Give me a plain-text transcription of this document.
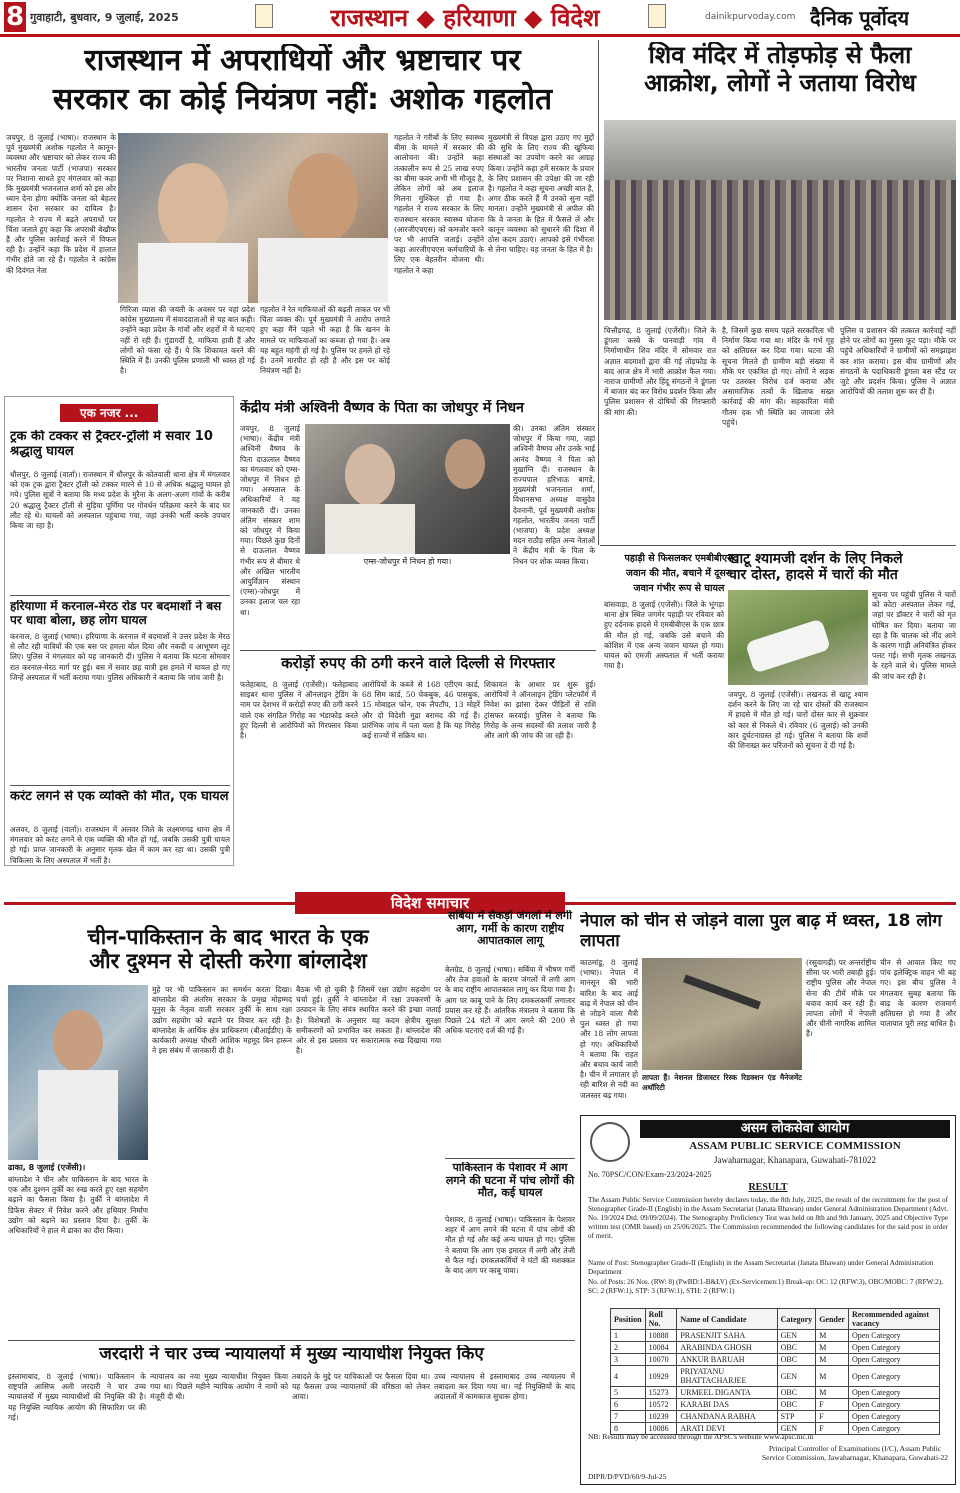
8 गुवाहाटी, बुधवार, 9 जुलाई, 2025	राजस्थान ◆ हरियाणा ◆ विदेश	dainikpurvoday.com दैनिक पूर्वोदय
राजस्थान में अपराधियों और भ्रष्टाचार पर
सरकार का कोई नियंत्रण नहीं: अशोक गहलोत
जयपुर, 8 जुलाई (भाषा)। राजस्थान के पूर्व मुख्यमंत्री अशोक गहलोत ने कानून-व्यवस्था और भ्रष्टाचार को लेकर राज्य की भारतीय जनता पार्टी (भाजपा) सरकार पर निशाना साधते हुए मंगलवार को कहा कि मुख्यमंत्री भजनलाल शर्मा को इस ओर ध्यान देना होगा क्योंकि जनता को बेहतर शासन देना सरकार का दायित्व है। गहलोत ने राज्य में बढ़ते अपराधों पर चिंता जताते हुए कहा कि अपराधी बेखौफ हैं और पुलिस कार्रवाई करने में विफल रही है। उन्होंने कहा कि प्रदेश में हालात गंभीर होते जा रहे हैं। गहलोत ने कांग्रेस की दिवंगत नेता
गिरिजा व्यास की जयंती के अवसर पर यहां प्रदेश कांग्रेस मुख्यालय में संवाददाताओं से यह बात कही। उन्होंने कहा प्रदेश के गांवों और शहरों में ये घटनाएं नहीं रो रही हैं। गुंडागर्दी है, माफिया हावी हैं और लोगों को फंसा रहे हैं। ये कि शिकायत करने की स्थिति में हैं। उनकी पुलिस प्रणाली भी ध्वस्त हो गई है।
गहलोत ने रेत माफियाओं की बढ़ती ताकत पर भी चिंता व्यक्त की। पूर्व मुख्यमंत्री ने आरोप लगाते हुए कहा मैंने पहले भी कहा है कि खनन के मामले पर माफियाओं का कब्जा हो गया है। अब यह बहुत महंगी हो गई है। पुलिस पर हमले हो रहे हैं। उनमें मारपीट हो रही है और इस पर कोई नियंत्रण नहीं है।
गहलोत ने गरीबों के लिए स्वास्थ्य बीमा के मामले में सरकार की आलोचना की। उन्होंने कहा तत्कालीन रूप से 25 लाख रुपए का बीमा कवर अभी भी मौजूद है, लेकिन लोगों को अब इलाज मिलना मुश्किल हो गया है। गहलोत ने राज्य सरकार के लिए राजस्थान सरकार स्वास्थ्य योजना (आरजीएचएस) को कमजोर करने पर भी आपत्ति जताई। उन्होंने कहा आरजीएचएस कर्मचारियों के लिए एक बेहतरीन योजना थी। गहलोत ने कहा
मुख्यमंत्री से विपक्ष द्वारा उठाए गए मुद्दों की सुधि के लिए राज्य की खुफिया संस्थाओं का उपयोग करने का आग्रह किया। उन्होंने कहा हमें सरकार के प्रचार के लिए प्रशासन की उपेक्षा की जा रही है। गहलोत ने कहा सूचना अच्छी बात है, अगर ठीक करते हैं मैं उनको सुना नहीं मानता। उन्होंने मुख्यमंत्री से अपील की कि वे जनता के हित में फैसले लें और कानून व्यवस्था को सुधारने की दिशा में ठोस कदम उठाएं। आपको इसे गंभीरता से लेना चाहिए। यह जनता के हित में है।
शिव मंदिर में तोड़फोड़ से फैला
आक्रोश, लोगों ने जताया विरोध
चित्तौड़गढ़, 8 जुलाई (एजेंसी)। जिले के डूंगला कस्बे के पानवाड़ी गांव में निर्माणाधीन शिव मंदिर में सोमवार रात अज्ञात बदमाशों द्वारा की गई तोड़फोड़ के बाद आज क्षेत्र में भारी आक्रोश फैल गया। नाराज ग्रामीणों और हिंदू संगठनों ने डूंगला में बाजार बंद कर विरोध प्रदर्शन किया और पुलिस प्रशासन से दोषियों की गिरफ्तारी की मांग की।
है, जिसमें कुछ समय पहले सरकारिता भी निर्माण किया गया था। मंदिर के गर्भ गृह को क्षतिग्रस्त कर दिया गया। घटना की सूचना मिलते ही ग्रामीण बड़ी संख्या में मौके पर एकत्रित हो गए। लोगों ने सड़क पर उतरकर विरोध दर्ज कराया और असामाजिक तत्वों के खिलाफ सख्त कार्रवाई की मांग की। सहकारिता मंत्री गौतम दक भी स्थिति का जायजा लेने पहुंचे।
पुलिस व प्रशासन की तत्काल कार्रवाई नहीं होने पर लोगों का गुस्सा फूट पड़ा। मौके पर पहुंचे अधिकारियों ने ग्रामीणों को समझाइश कर शांत कराया। इस बीच ग्रामीणों और संगठनों के पदाधिकारी डूंगला बस स्टैंड पर जुटे और प्रदर्शन किया। पुलिस ने अज्ञात आरोपियों की तलाश शुरू कर दी है।
एक नजर ...
ट्रक की टक्कर से ट्रैक्टर-ट्रॉली में सवार 10 श्रद्धालु घायल
धौलपुर, 8 जुलाई (वार्ता)। राजस्थान में धौलपुर के कोतवाली थाना क्षेत्र में मंगलवार को एक ट्रक द्वारा ट्रैक्टर ट्रॉली को टक्कर मारने से 10 से अधिक श्रद्धालु घायल हो गये। पुलिस सूत्रों ने बताया कि मध्य प्रदेश के मुरैना के अलग-अलग गांवों के करीब 20 श्रद्धालु ट्रैक्टर ट्रॉली से मुड़िया पूर्णिमा पर गोवर्धन परिक्रमा करने के बाद घर लौट रहे थे। घायलों को अस्पताल पहुंचाया गया, जहां उनकी भर्ती करके उपचार किया जा रहा है।
हरियाणा में करनाल-मेरठ रोड पर बदमाशों ने बस पर धावा बोला, छह लोग घायल
करनाल, 8 जुलाई (भाषा)। हरियाणा के करनाल में बदमाशों ने उत्तर प्रदेश के मेरठ से लौट रही यात्रियों की एक बस पर हमला बोल दिया और नकदी व आभूषण लूट लिए। पुलिस ने मंगलवार को यह जानकारी दी। पुलिस ने बताया कि घटना सोमवार रात करनाल-मेरठ मार्ग पर हुई। बस में सवार छह यात्री इस हमले में घायल हो गए जिन्हें अस्पताल में भर्ती कराया गया। पुलिस अधिकारी ने बताया कि जांच जारी है।
करंट लगने से एक व्यक्ति की मौत, एक घायल
अलवर, 8 जुलाई (वार्ता)। राजस्थान में अलवर जिले के लक्ष्मणगढ़ थाना क्षेत्र में मंगलवार को करंट लगने से एक व्यक्ति की मौत हो गई, जबकि उसकी पुत्री घायल हो गई। प्राप्त जानकारी के अनुसार मृतक खेत में काम कर रहा था। उसकी पुत्री चिकित्सा के लिए अस्पताल में भर्ती है।
केंद्रीय मंत्री अश्विनी वैष्णव के पिता का जोधपुर में निधन
जयपुर, 8 जुलाई (भाषा)। केंद्रीय मंत्री अश्विनी वैष्णव के पिता दाऊलाल वैष्णव का मंगलवार को एम्स-जोधपुर में निधन हो गया। अस्पताल के अधिकारियों ने यह जानकारी दी। उनका अंतिम संस्कार शाम को जोधपुर में किया गया। पिछले कुछ दिनों से दाऊलाल वैष्णव गंभीर रूप से बीमार थे और अखिल भारतीय आयुर्विज्ञान संस्थान (एम्स)-जोधपुर में उनका इलाज चल रहा था।
एम्स-जोधपुर में निधन हो गया।
की। उनका अंतिम संस्कार जोधपुर में किया गया, जहां अश्विनी वैष्णव और उनके भाई आनंद वैष्णव ने पिता को मुखाग्नि दी। राजस्थान के राज्यपाल हरिभाऊ बागडे, मुख्यमंत्री भजनलाल शर्मा, विधानसभा अध्यक्ष वासुदेव देवनानी, पूर्व मुख्यमंत्री अशोक गहलोत, भारतीय जनता पार्टी (भाजपा) के प्रदेश अध्यक्ष मदन राठौड़ सहित अन्य नेताओं ने केंद्रीय मंत्री के पिता के निधन पर शोक व्यक्त किया।	पहाड़ी से फिसलकर एमबीबीएस
जवान की मौत, बचाने में दूसरा
जवान गंभीर रूप से घायल
बांसवाड़ा, 8 जुलाई (एजेंसी)। जिले के भूंगड़ा थाना क्षेत्र स्थित जगमेर पहाड़ी पर रविवार को हुए दर्दनाक हादसे में एमबीबीएस के एक छात्र की मौत हो गई, जबकि उसे बचाने की कोशिश में एक अन्य जवान घायल हो गया। घायल को एमजी अस्पताल में भर्ती कराया गया है।
खाटू श्यामजी दर्शन के लिए निकले
चार दोस्त, हादसे में चारों की मौत
सूचना पर पहुंची पुलिस ने चारों को कोटा अस्पताल लेकर गई, जहां पर डॉक्टर ने चारों को मृत घोषित कर दिया। बताया जा रहा है कि चालक को नींद आने के कारण गाड़ी अनियंत्रित होकर पलट गई। सभी मृतक लखनऊ के रहने वाले थे। पुलिस मामले की जांच कर रही है।
जयपुर, 8 जुलाई (एजेंसी)। लखनऊ से खाटू श्याम दर्शन करने के लिए जा रहे चार दोस्तों की राजस्थान में हादसे में मौत हो गई। चारों दोस्त कार से शुक्रवार को कार से निकले थे। रविवार (6 जुलाई) को उनकी कार दुर्घटनाग्रस्त हो गई। पुलिस ने बताया कि शवों की शिनाख्त कर परिजनों को सूचना दे दी गई है।
करोड़ों रुपए की ठगी करने वाले दिल्ली से गिरफ्तार
फतेहाबाद, 8 जुलाई (एजेंसी)। फतेहाबाद साइबर थाना पुलिस ने ऑनलाइन ट्रेडिंग के नाम पर देशभर में करोड़ों रुपए की ठगी करने वाले एक संगठित गिरोह का भंडाफोड़ करते हुए दिल्ली से आरोपियों को गिरफ्तार किया है।
आरोपियों के कब्जे से 168 एटीएम कार्ड, 68 सिम कार्ड, 50 चेकबुक, 46 पासबुक, 15 मोबाइल फोन, एक लैपटॉप, 13 मोहरें और दो विदेशी मुद्रा बरामद की गई हैं। प्रारंभिक जांच में पता चला है कि यह गिरोह कई राज्यों में सक्रिय था।
शिकायत के आधार पर शुरू हुई। आरोपियों ने ऑनलाइन ट्रेडिंग प्लेटफॉर्म में निवेश का झांसा देकर पीड़ितों से राशि ट्रांसफर करवाई। पुलिस ने बताया कि गिरोह के अन्य सदस्यों की तलाश जारी है और आगे की जांच की जा रही है।
विदेश समाचार
चीन-पाकिस्तान के बाद भारत के एक
और दुश्मन से दोस्ती करेगा बांग्लादेश
ढाका, 8 जुलाई (एजेंसी)।
बांग्लादेश ने चीन और पाकिस्तान के बाद भारत के एक और दुश्मन तुर्की का रुख करते हुए रक्षा सहयोग बढ़ाने का फैसला किया है। तुर्की ने बांग्लादेश में डिफेंस सेक्टर में निवेश करने और हथियार निर्माण उद्योग को बढ़ाने का प्रस्ताव दिया है। तुर्की के अधिकारियों ने हाल में ढाका का दौरा किया।
मुहे पर भी पाकिस्तान का समर्थन करता दिखा। बांग्लादेश की अंतरिम सरकार के प्रमुख मोहम्मद यूनुस के नेतृत्व वाली सरकार तुर्की के साथ रक्षा उद्योग सहयोग को बढ़ाने पर विचार कर रही है। बांग्लादेश के आर्थिक क्षेत्र प्राधिकरण (बीआईडीए) के कार्यकारी अध्यक्ष चौधरी आशिक महमूद बिन हारून ने इस संबंध में जानकारी दी है।
बैठक भी हो चुकी है जिसमें रक्षा उद्योग सहयोग पर चर्चा हुई। तुर्की ने बांग्लादेश में रक्षा उपकरणों के उत्पादन के लिए संयंत्र स्थापित करने की इच्छा जताई है। विशेषज्ञों के अनुसार यह कदम क्षेत्रीय सुरक्षा समीकरणों को प्रभावित कर सकता है। बांग्लादेश की ओर से इस प्रस्ताव पर सकारात्मक रुख दिखाया गया है।
सर्बिया में सैकड़ों जंगलों में लगी आग, गर्मी के कारण राष्ट्रीय आपातकाल लागू
बेलग्रेड, 8 जुलाई (भाषा)। सर्बिया में भीषण गर्मी और तेज हवाओं के कारण जंगलों में लगी आग के बाद राष्ट्रीय आपातकाल लागू कर दिया गया है। आग पर काबू पाने के लिए दमकलकर्मी लगातार प्रयास कर रहे हैं। आंतरिक मंत्रालय ने बताया कि पिछले 24 घंटों में आग लगने की 200 से अधिक घटनाएं दर्ज की गई हैं।
पाकिस्तान के पेशावर में आग लगने की घटना में पांच लोगों की मौत, कई घायल
पेशावर, 8 जुलाई (भाषा)। पाकिस्तान के पेशावर शहर में आग लगने की घटना में पांच लोगों की मौत हो गई और कई अन्य घायल हो गए। पुलिस ने बताया कि आग एक इमारत में लगी और तेजी से फैल गई। दमकलकर्मियों ने घंटों की मशक्कत के बाद आग पर काबू पाया।
नेपाल को चीन से जोड़ने वाला पुल बाढ़ में ध्वस्त, 18 लोग लापता
काठमांडू, 8 जुलाई (भाषा)। नेपाल में मानसून की भारी बारिश के बाद आई बाढ़ में नेपाल को चीन से जोड़ने वाला मैत्री पुल ध्वस्त हो गया और 18 लोग लापता हो गए। अधिकारियों ने बताया कि राहत और बचाव कार्य जारी है। चीन में लगातार हो रही बारिश से नदी का जलस्तर बढ़ गया।
लापता हैं। नेशनल डिजास्टर रिस्क रिडक्शन एंड मैनेजमेंट अथॉरिटी
(रसुवागढ़ी) पर अन्तर्राष्ट्रीय सीमा पर भारी तबाही हुई। राष्ट्रीय पुलिस और नेपाल सेना की टीमें मौके पर बचाव कार्य कर रही हैं। लापता लोगों में नेपाली और चीनी नागरिक शामिल हैं।
चीन से आयात किए गए पांच इलेक्ट्रिक वाहन भी बह गए। इस बीच पुलिस ने मंगलवार सुबह बताया कि बाढ़ के कारण राजमार्ग क्षतिग्रस्त हो गया है और यातायात पूरी तरह बाधित है।
असम लोकसेवा आयोग
ASSAM PUBLIC SERVICE COMMISSION
Jawaharnagar, Khanapara, Guwahati-781022
No. 70PSC/CON/Exam-23/2024-2025
RESULT
The Assam Public Service Commission hereby declares today, the 8th July, 2025, the result of the recruitment for the post of Stenographer Grade-II (English) in the Assam Secretariat (Janata Bhawan) under General Administration Department (Advt. No. 19/2024 Dtd. 09/09/2024). The Stenography Proficiency Test was held on 8th and 9th January, 2025 and Objective Type written test (OMR based) on 25/06/2025. The Commission recommended the following candidates for the said post in order of merit.
Name of Post: Stenographer Grade-II (English) in the Assam Secretariat (Janata Bhawan) under General Administration Department
No. of Posts: 26 Nos. (RW: 8) (PwBD:1-B&LV) (Ex-Servicemen:1) Break-up: OC: 12 (RFW:3), OBC/MOBC: 7 (RFW:2), SC: 2 (RFW:1), STP: 3 (RFW:1), STH: 2 (RFW:1)
Position	Roll No.	Name of Candidate	Category	Gender	Recommended against vacancy
1	10888	PRASENJIT SAHA	GEN	M	Open Category
2	10084	ARABINDA GHOSH	OBC	M	Open Category
3	10070	ANKUR BARUAH	OBC	M	Open Category
4	10929	PRIYATANU BHATTACHARJEE	GEN	M	Open Category
5	15273	URMEEL DIGANTA	OBC	M	Open Category
6	10572	KARABI DAS	OBC	F	Open Category
7	10239	CHANDANA RABHA	STP	F	Open Category
8	10086	ARATI DEVI	GEN	F	Open Category
NB: Results may be accessed through the APSC's website www.apsc.nic.in
Principal Controller of Examinations (I/C), Assam Public Service Commission, Jawaharnagar, Khanapara, Guwahati-22
DIPR/D/PVD/60/9-Jul-25
जरदारी ने चार उच्च न्यायालयों में मुख्य न्यायाधीश नियुक्त किए
इस्लामाबाद, 8 जुलाई (भाषा)। पाकिस्तान के राष्ट्रपति आसिफ अली जरदारी ने चार उच्च न्यायालयों में मुख्य न्यायाधीशों की नियुक्ति की है। यह नियुक्ति न्यायिक आयोग की सिफारिश पर की गई।
न्यायालय का नया मुख्य न्यायाधीश नियुक्त किया गया था। पिछले महीने न्यायिक आयोग ने नामों को मंजूरी दी थी।
तबादले के मुद्दे पर याचिकाओं पर फैसला दिया था। यह फैसला उच्च न्यायालयों की वरिष्ठता को लेकर आया।
उच्च न्यायालय से इस्लामाबाद उच्च न्यायालय में तबादला कर दिया गया था। नई नियुक्तियों के बाद अदालतों में कामकाज सुचारू होगा।
